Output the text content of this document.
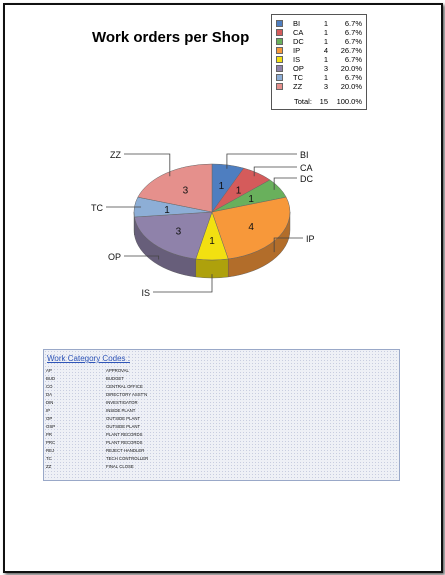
Work orders per Shop
BI	1	6.7%
CA	1	6.7%
DC	1	6.7%
IP	4	26.7%
IS	1	6.7%
OP	3	20.0%
TC	1	6.7%
ZZ	3	20.0%
Total: 15	100.0%
Work Category Codes :
AP	APPROVAL
BUD	BUDGET
CO	CENTRAL OFFICE
DA	DIRECTORY ASST'N
DIN	INVESTIGATOR
IP	INSIDE PLANT
OP	OUTSIDE PLANT
OSP	OUTSIDE PLANT
PR	PLANT RECORDS
PRC	PLANT RECORDS
REJ	REJECT HANDLER
TC	TECH CONTROLLER
ZZ	FINAL CLOSE
1 1
1
4
1
3
1
3
BI
CA
DC
IP
IS
OP
TC
ZZ
